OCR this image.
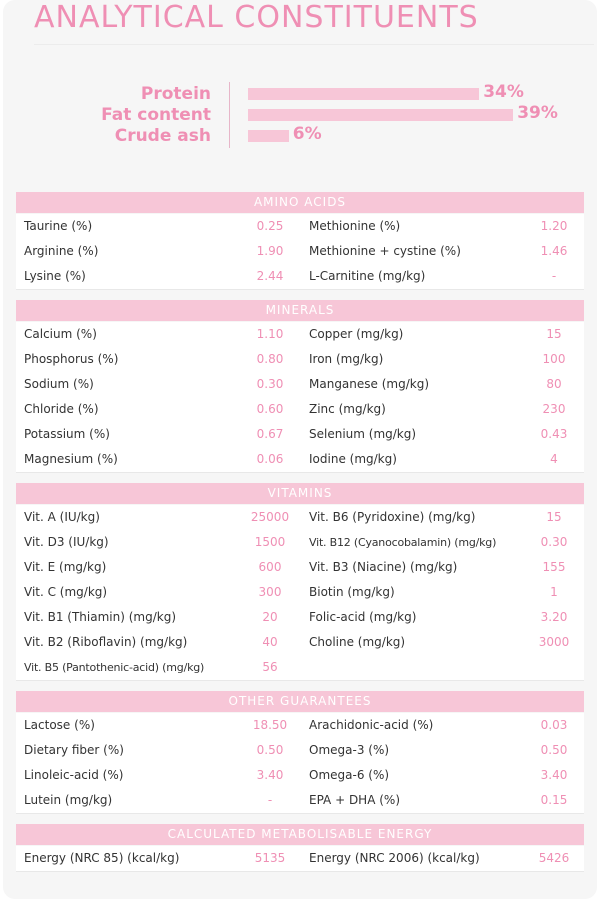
ANALYTICAL CONSTITUENTS
Protein	34%
Fat content	39%
Crude ash	6%
AMINO ACIDS
Taurine (%)	0.25	Methionine (%)	1.20
Arginine (%)	1.90	Methionine + cystine (%)	1.46
Lysine (%)	2.44	L-Carnitine (mg/kg)	-
MINERALS
Calcium (%)	1.10	Copper (mg/kg)	15
Phosphorus (%)	0.80	Iron (mg/kg)	100
Sodium (%)	0.30	Manganese (mg/kg)	80
Chloride (%)	0.60	Zinc (mg/kg)	230
Potassium (%)	0.67	Selenium (mg/kg)	0.43
Magnesium (%)	0.06	Iodine (mg/kg)	4
VITAMINS
Vit. A (IU/kg)	25000	Vit. B6 (Pyridoxine) (mg/kg)	15
Vit. D3 (IU/kg)	1500	Vit. B12 (Cyanocobalamin) (mg/kg)	0.30
Vit. E (mg/kg)	600	Vit. B3 (Niacine) (mg/kg)	155
Vit. C (mg/kg)	300	Biotin (mg/kg)	1
Vit. B1 (Thiamin) (mg/kg)	20	Folic-acid (mg/kg)	3.20
Vit. B2 (Riboflavin) (mg/kg)	40	Choline (mg/kg)	3000
Vit. B5 (Pantothenic-acid) (mg/kg)	56
OTHER GUARANTEES
Lactose (%)	18.50	Arachidonic-acid (%)	0.03
Dietary fiber (%)	0.50	Omega-3 (%)	0.50
Linoleic-acid (%)	3.40	Omega-6 (%)	3.40
Lutein (mg/kg)	-	EPA + DHA (%)	0.15
CALCULATED METABOLISABLE ENERGY
Energy (NRC 85) (kcal/kg)	5135	Energy (NRC 2006) (kcal/kg)	5426
